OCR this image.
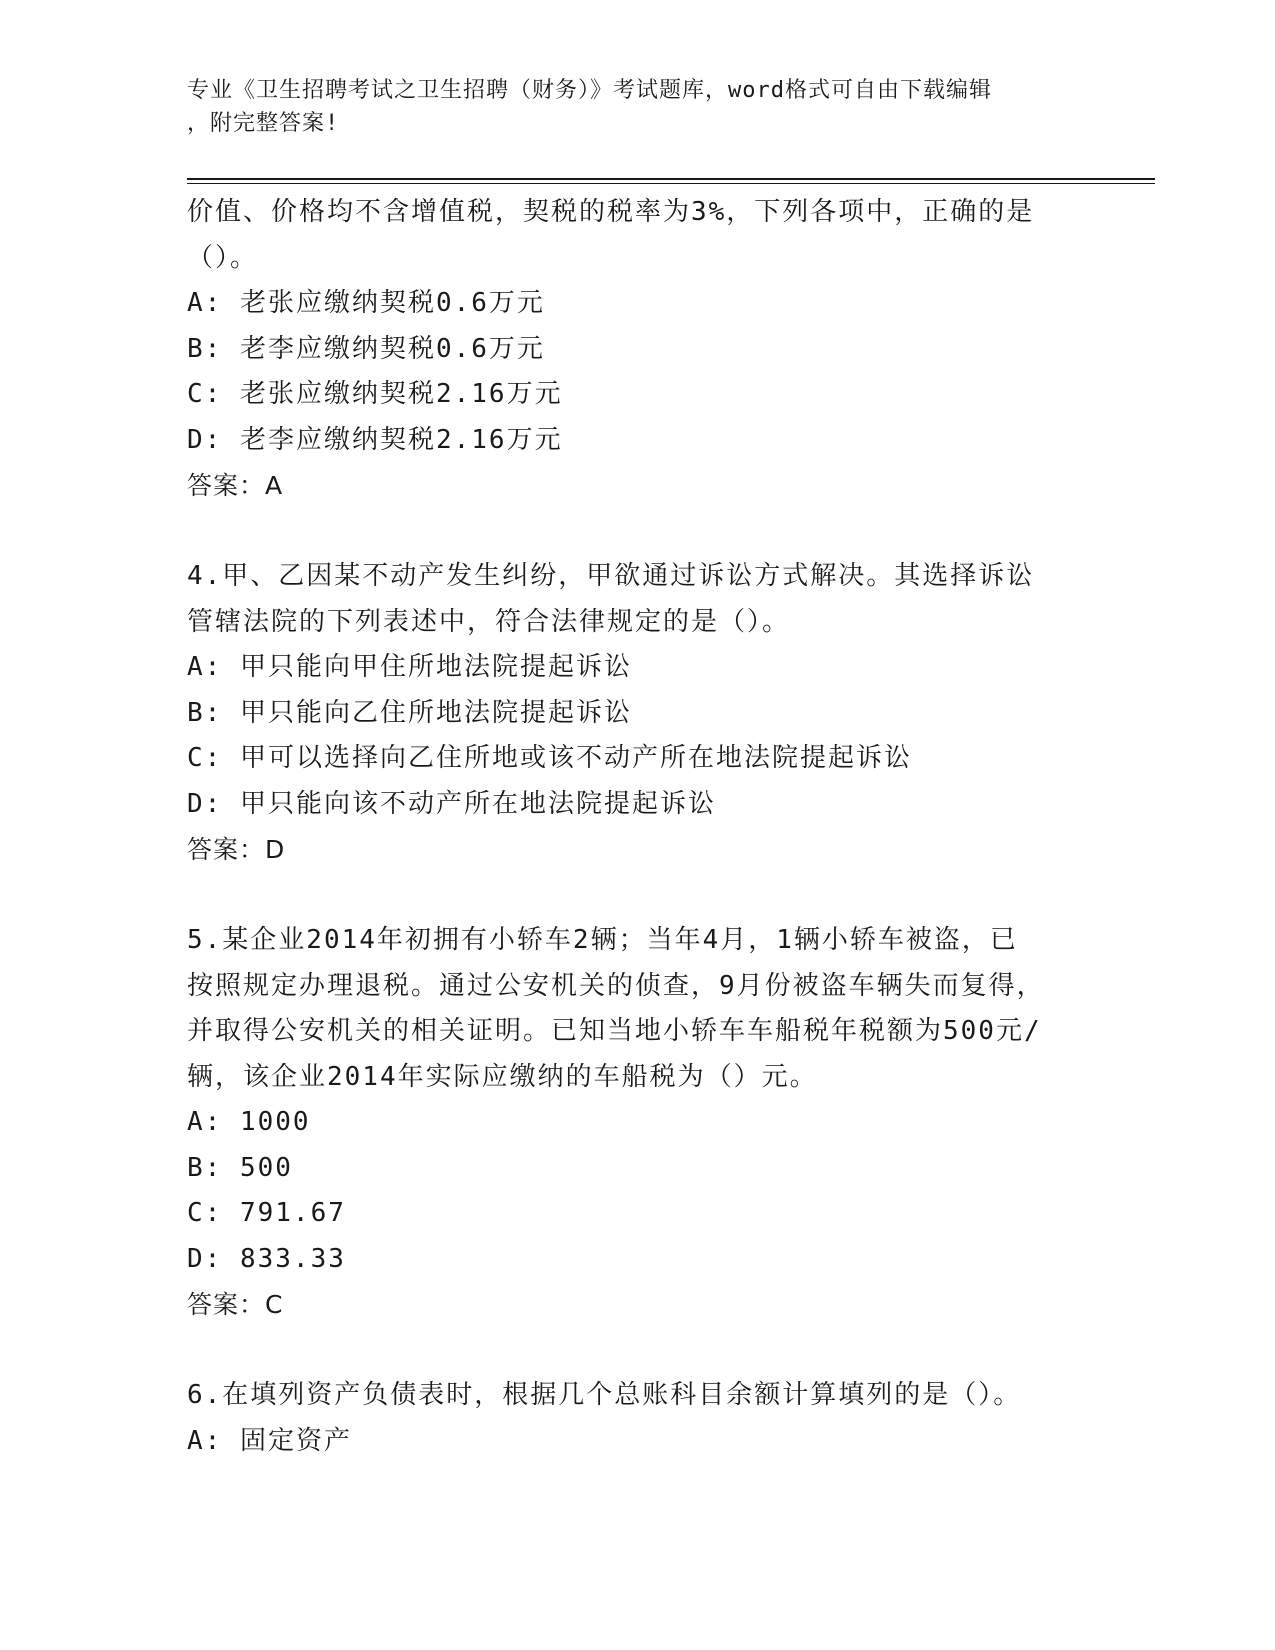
专业《卫生招聘考试之卫生招聘（财务）》考试题库，word格式可自由下载编辑
，附完整答案!
价值、价格均不含增值税，契税的税率为3%，下列各项中，正确的是
（）。
A: 老张应缴纳契税0.6万元
B: 老李应缴纳契税0.6万元
C: 老张应缴纳契税2.16万元
D: 老李应缴纳契税2.16万元
答案：A
4.甲、乙因某不动产发生纠纷，甲欲通过诉讼方式解决。其选择诉讼
管辖法院的下列表述中，符合法律规定的是（）。
A: 甲只能向甲住所地法院提起诉讼
B: 甲只能向乙住所地法院提起诉讼
C: 甲可以选择向乙住所地或该不动产所在地法院提起诉讼
D: 甲只能向该不动产所在地法院提起诉讼
答案：D
5.某企业2014年初拥有小轿车2辆；当年4月，1辆小轿车被盗，已
按照规定办理退税。通过公安机关的侦查，9月份被盗车辆失而复得，
并取得公安机关的相关证明。已知当地小轿车车船税年税额为500元/
辆，该企业2014年实际应缴纳的车船税为（）元。
A: 1000
B: 500
C: 791.67
D: 833.33
答案：C
6.在填列资产负债表时，根据几个总账科目余额计算填列的是（）。
A: 固定资产
